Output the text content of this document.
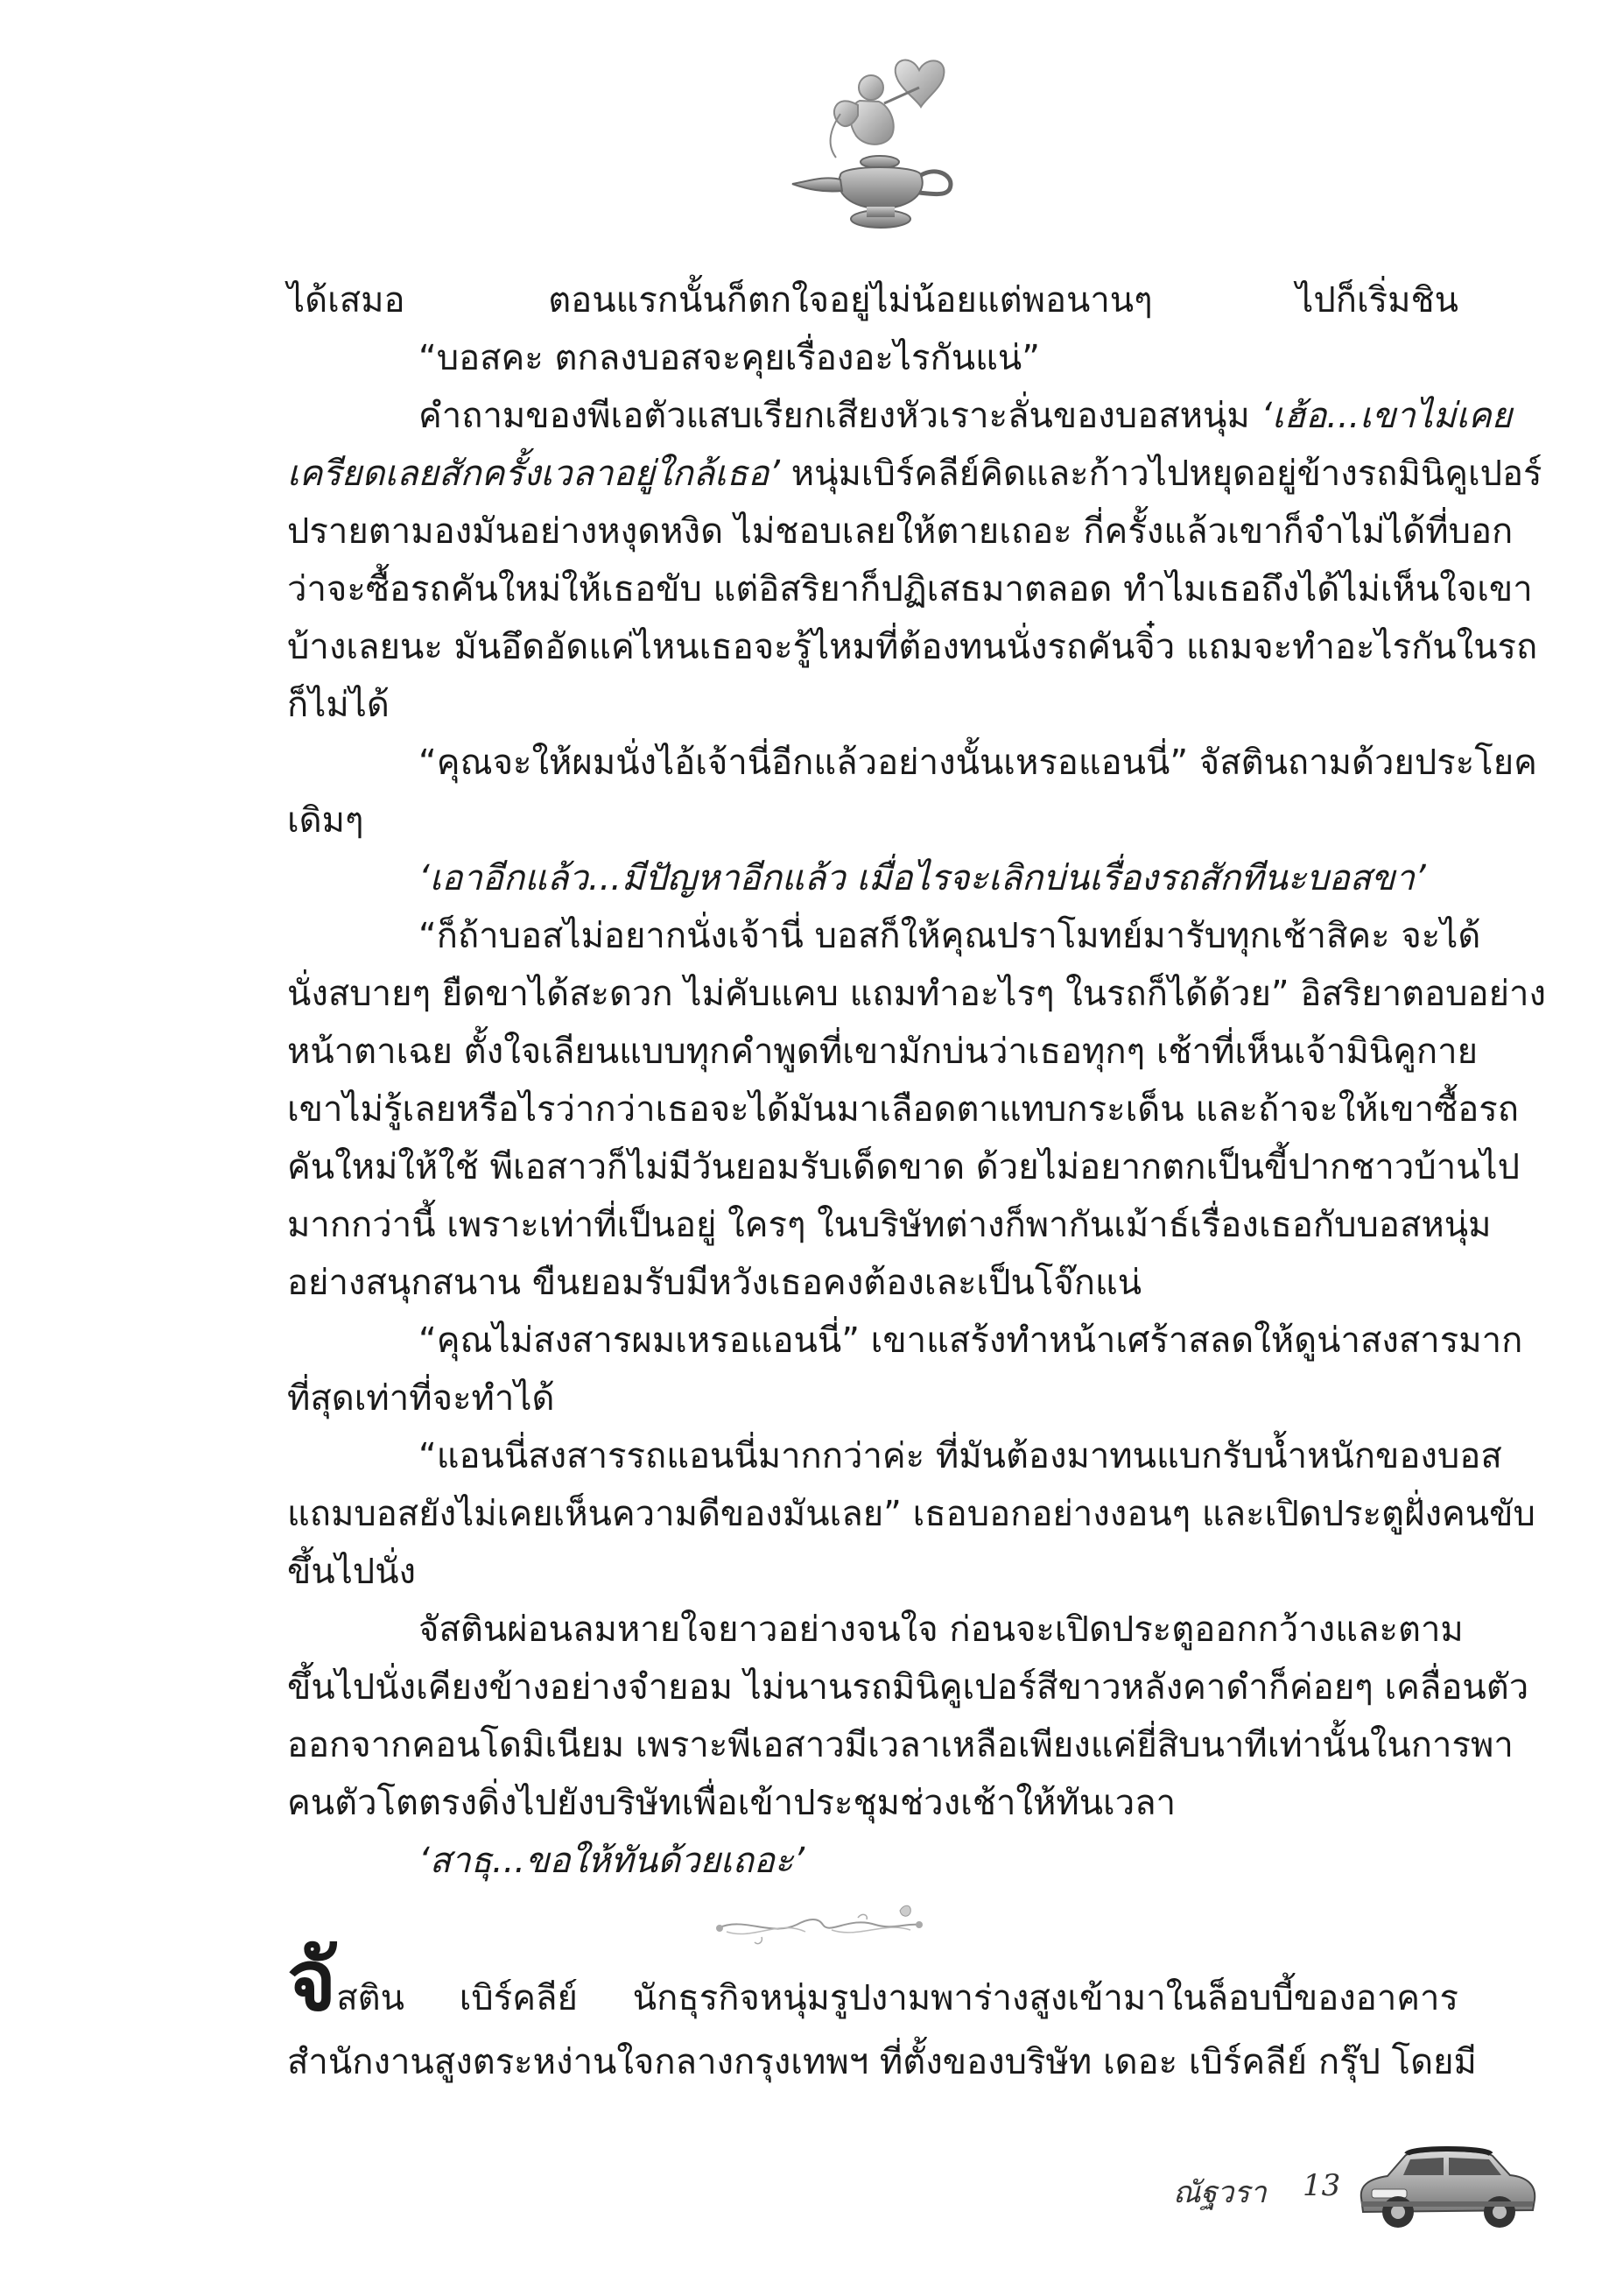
ได้เสมอ ตอนแรกนั้นก็ตกใจอยู่ไม่น้อยแต่พอนานๆ ไปก็เริ่มชิน
“บอสคะ ตกลงบอสจะคุยเรื่องอะไรกันแน่”
คำถามของพีเอตัวแสบเรียกเสียงหัวเราะลั่นของบอสหนุ่ม ‘เฮ้อ...เขาไม่เคย
เครียดเลยสักครั้งเวลาอยู่ใกล้เธอ’ หนุ่มเบิร์คลีย์คิดและก้าวไปหยุดอยู่ข้างรถมินิคูเปอร์
ปรายตามองมันอย่างหงุดหงิด ไม่ชอบเลยให้ตายเถอะ กี่ครั้งแล้วเขาก็จำไม่ได้ที่บอก
ว่าจะซื้อรถคันใหม่ให้เธอขับ แต่อิสริยาก็ปฏิเสธมาตลอด ทำไมเธอถึงได้ไม่เห็นใจเขา
บ้างเลยนะ มันอึดอัดแค่ไหนเธอจะรู้ไหมที่ต้องทนนั่งรถคันจิ๋ว แถมจะทำอะไรกันในรถ
ก็ไม่ได้
“คุณจะให้ผมนั่งไอ้เจ้านี่อีกแล้วอย่างนั้นเหรอแอนนี่” จัสตินถามด้วยประโยค
เดิมๆ
‘เอาอีกแล้ว...มีปัญหาอีกแล้ว เมื่อไรจะเลิกบ่นเรื่องรถสักทีนะบอสขา’
“ก็ถ้าบอสไม่อยากนั่งเจ้านี่ บอสก็ให้คุณปราโมทย์มารับทุกเช้าสิคะ จะได้
นั่งสบายๆ ยืดขาได้สะดวก ไม่คับแคบ แถมทำอะไรๆ ในรถก็ได้ด้วย” อิสริยาตอบอย่าง
หน้าตาเฉย ตั้งใจเลียนแบบทุกคำพูดที่เขามักบ่นว่าเธอทุกๆ เช้าที่เห็นเจ้ามินิคูกาย
เขาไม่รู้เลยหรือไรว่ากว่าเธอจะได้มันมาเลือดตาแทบกระเด็น และถ้าจะให้เขาซื้อรถ
คันใหม่ให้ใช้ พีเอสาวก็ไม่มีวันยอมรับเด็ดขาด ด้วยไม่อยากตกเป็นขี้ปากชาวบ้านไป
มากกว่านี้ เพราะเท่าที่เป็นอยู่ ใครๆ ในบริษัทต่างก็พากันเม้าธ์เรื่องเธอกับบอสหนุ่ม
อย่างสนุกสนาน ขืนยอมรับมีหวังเธอคงต้องเละเป็นโจ๊กแน่
“คุณไม่สงสารผมเหรอแอนนี่” เขาแสร้งทำหน้าเศร้าสลดให้ดูน่าสงสารมาก
ที่สุดเท่าที่จะทำได้
“แอนนี่สงสารรถแอนนี่มากกว่าค่ะ ที่มันต้องมาทนแบกรับน้ำหนักของบอส
แถมบอสยังไม่เคยเห็นความดีของมันเลย” เธอบอกอย่างงอนๆ และเปิดประตูฝั่งคนขับ
ขึ้นไปนั่ง
จัสตินผ่อนลมหายใจยาวอย่างจนใจ ก่อนจะเปิดประตูออกกว้างและตาม
ขึ้นไปนั่งเคียงข้างอย่างจำยอม ไม่นานรถมินิคูเปอร์สีขาวหลังคาดำก็ค่อยๆ เคลื่อนตัว
ออกจากคอนโดมิเนียม เพราะพีเอสาวมีเวลาเหลือเพียงแค่ยี่สิบนาทีเท่านั้นในการพา
คนตัวโตตรงดิ่งไปยังบริษัทเพื่อเข้าประชุมช่วงเช้าให้ทันเวลา
‘สาธุ...ขอให้ทันด้วยเถอะ’
จัสติน เบิร์คลีย์ นักธุรกิจหนุ่มรูปงามพาร่างสูงเข้ามาในล็อบบี้ของอาคาร
สำนักงานสูงตระหง่านใจกลางกรุงเทพฯ ที่ตั้งของบริษัท เดอะ เบิร์คลีย์ กรุ๊ป โดยมี
ณัฐวรา 13
